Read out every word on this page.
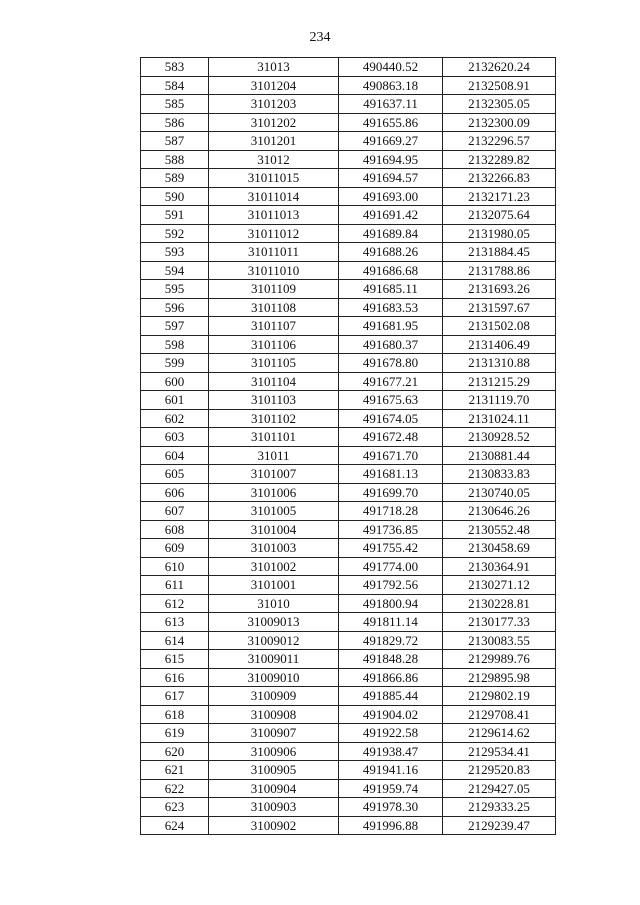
234
583	31013	490440.52	2132620.24
584	3101204	490863.18	2132508.91
585	3101203	491637.11	2132305.05
586	3101202	491655.86	2132300.09
587	3101201	491669.27	2132296.57
588	31012	491694.95	2132289.82
589	31011015	491694.57	2132266.83
590	31011014	491693.00	2132171.23
591	31011013	491691.42	2132075.64
592	31011012	491689.84	2131980.05
593	31011011	491688.26	2131884.45
594	31011010	491686.68	2131788.86
595	3101109	491685.11	2131693.26
596	3101108	491683.53	2131597.67
597	3101107	491681.95	2131502.08
598	3101106	491680.37	2131406.49
599	3101105	491678.80	2131310.88
600	3101104	491677.21	2131215.29
601	3101103	491675.63	2131119.70
602	3101102	491674.05	2131024.11
603	3101101	491672.48	2130928.52
604	31011	491671.70	2130881.44
605	3101007	491681.13	2130833.83
606	3101006	491699.70	2130740.05
607	3101005	491718.28	2130646.26
608	3101004	491736.85	2130552.48
609	3101003	491755.42	2130458.69
610	3101002	491774.00	2130364.91
611	3101001	491792.56	2130271.12
612	31010	491800.94	2130228.81
613	31009013	491811.14	2130177.33
614	31009012	491829.72	2130083.55
615	31009011	491848.28	2129989.76
616	31009010	491866.86	2129895.98
617	3100909	491885.44	2129802.19
618	3100908	491904.02	2129708.41
619	3100907	491922.58	2129614.62
620	3100906	491938.47	2129534.41
621	3100905	491941.16	2129520.83
622	3100904	491959.74	2129427.05
623	3100903	491978.30	2129333.25
624	3100902	491996.88	2129239.47
